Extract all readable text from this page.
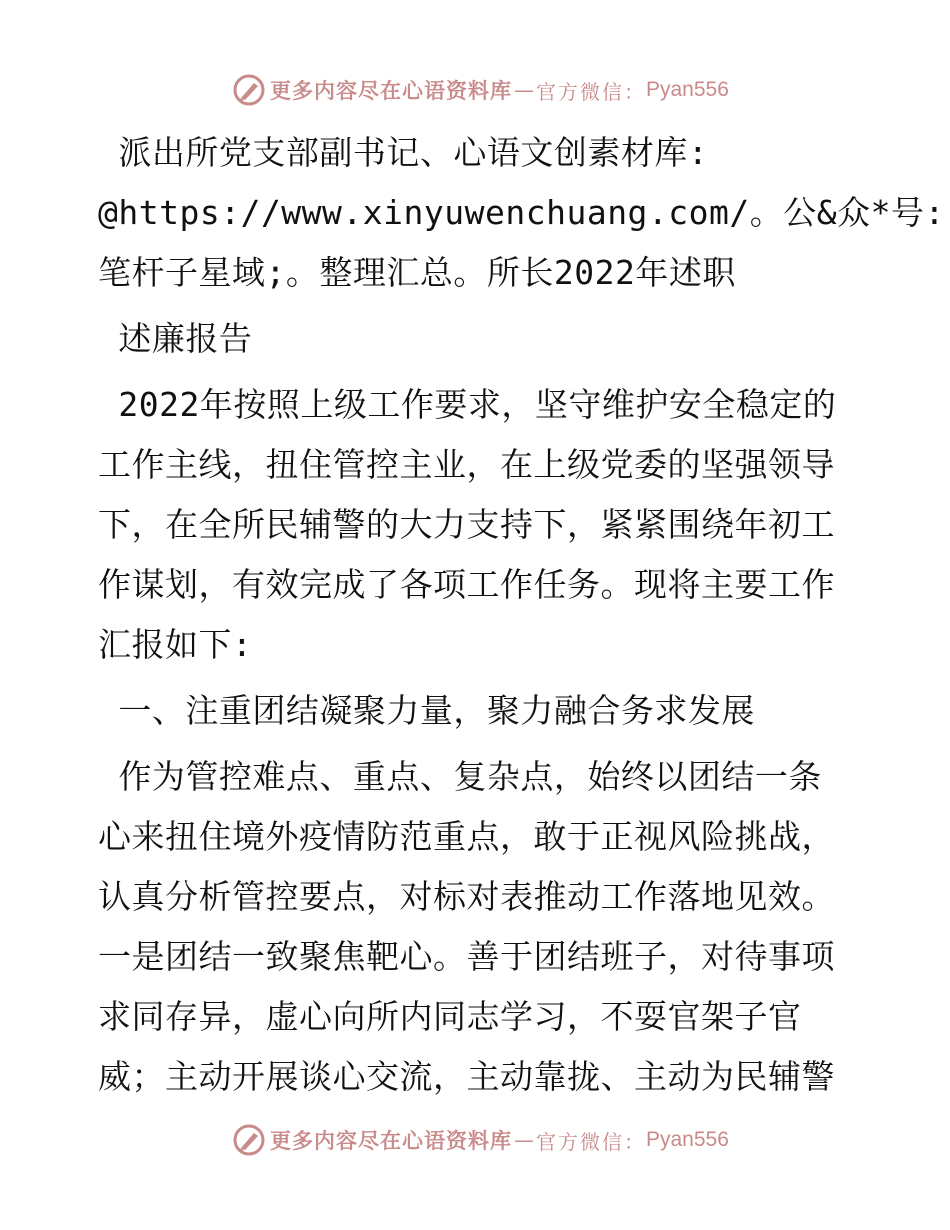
更多内容尽在心语资料库 — 官方微信： Pyan556
派出所党支部副书记、心语文创素材库:
@https://www.xinyuwenchuang.com/。公&众*号:
笔杆子星域;。整理汇总。所长2022年述职
述廉报告
2022年按照上级工作要求，坚守维护安全稳定的
工作主线，扭住管控主业，在上级党委的坚强领导
下，在全所民辅警的大力支持下，紧紧围绕年初工
作谋划，有效完成了各项工作任务。现将主要工作
汇报如下:
一、注重团结凝聚力量，聚力融合务求发展
作为管控难点、重点、复杂点，始终以团结一条
心来扭住境外疫情防范重点，敢于正视风险挑战，
认真分析管控要点，对标对表推动工作落地见效。
一是团结一致聚焦靶心。善于团结班子，对待事项
求同存异，虚心向所内同志学习，不耍官架子官
威；主动开展谈心交流，主动靠拢、主动为民辅警
更多内容尽在心语资料库 — 官方微信： Pyan556
